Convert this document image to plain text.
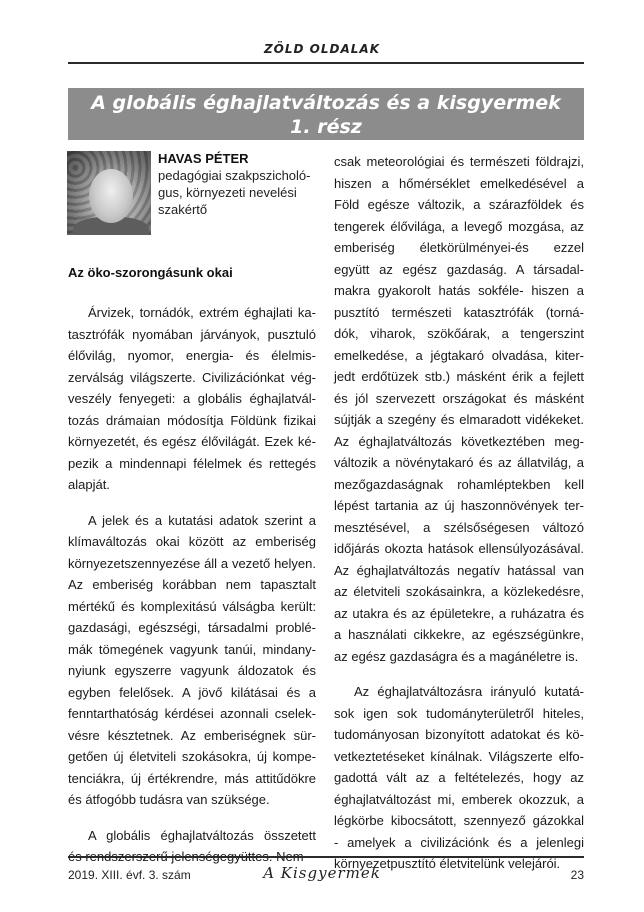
ZÖLD OLDALAK
A globális éghajlatváltozás és a kisgyermek
1. rész
HAVAS PÉTER
pedagógiai szakpszicholó-
gus, környezeti nevelési
szakértő
Az öko-szorongásunk okai
Árvizek, tornádók, extrém éghajlati ka-
tasztrófák nyomában járványok, pusztuló
élővilág, nyomor, energia- és élelmis-
zerválság világszerte. Civilizációnkat vég-
veszély fenyegeti: a globális éghajlatvál-
tozás drámaian módosítja Földünk fizikai
környezetét, és egész élővilágát. Ezek ké-
pezik a mindennapi félelmek és rettegés
alapját.
A jelek és a kutatási adatok szerint a
klímaváltozás okai között az emberiség
környezetszennyezése áll a vezető helyen.
Az emberiség korábban nem tapasztalt
mértékű és komplexitású válságba került:
gazdasági, egészségi, társadalmi problé-
mák tömegének vagyunk tanúi, mindany-
nyiunk egyszerre vagyunk áldozatok és
egyben felelősek. A jövő kilátásai és a
fenntarthatóság kérdései azonnali cselek-
vésre késztetnek. Az emberiségnek sür-
getően új életviteli szokásokra, új kompe-
tenciákra, új értékrendre, más attitűdökre
és átfogóbb tudásra van szüksége.
A globális éghajlatváltozás összetett
és rendszerszerű jelenségegyüttes. Nem-
csak meteorológiai és természeti földrajzi,
hiszen a hőmérséklet emelkedésével a
Föld egésze változik, a szárazföldek és
tengerek élővilága, a levegő mozgása, az
emberiség életkörülményei-és ezzel
együtt az egész gazdaság. A társadal-
makra gyakorolt hatás sokféle- hiszen a
pusztító természeti katasztrófák (torná-
dók, viharok, szökőárak, a tengerszint
emelkedése, a jégtakaró olvadása, kiter-
jedt erdőtüzek stb.) másként érik a fejlett
és jól szervezett országokat és másként
sújtják a szegény és elmaradott vidékeket.
Az éghajlatváltozás következtében meg-
változik a növénytakaró és az állatvilág, a
mezőgazdaságnak rohamléptekben kell
lépést tartania az új haszonnövények ter-
mesztésével, a szélsőségesen változó
időjárás okozta hatások ellensúlyozásával.
Az éghajlatváltozás negatív hatással van
az életviteli szokásainkra, a közlekedésre,
az utakra és az épületekre, a ruházatra és
a használati cikkekre, az egészségünkre,
az egész gazdaságra és a magánéletre is.
Az éghajlatváltozásra irányuló kutatá-
sok igen sok tudományterületről hiteles,
tudományosan bizonyított adatokat és kö-
vetkeztetéseket kínálnak. Világszerte elfo-
gadottá vált az a feltételezés, hogy az
éghajlatváltozást mi, emberek okozzuk, a
légkörbe kibocsátott, szennyező gázokkal
- amelyek a civilizációnk és a jelenlegi
környezetpusztító életvitelünk velejárói.
2019. XIII. évf. 3. szám	A Kisgyermek	23
